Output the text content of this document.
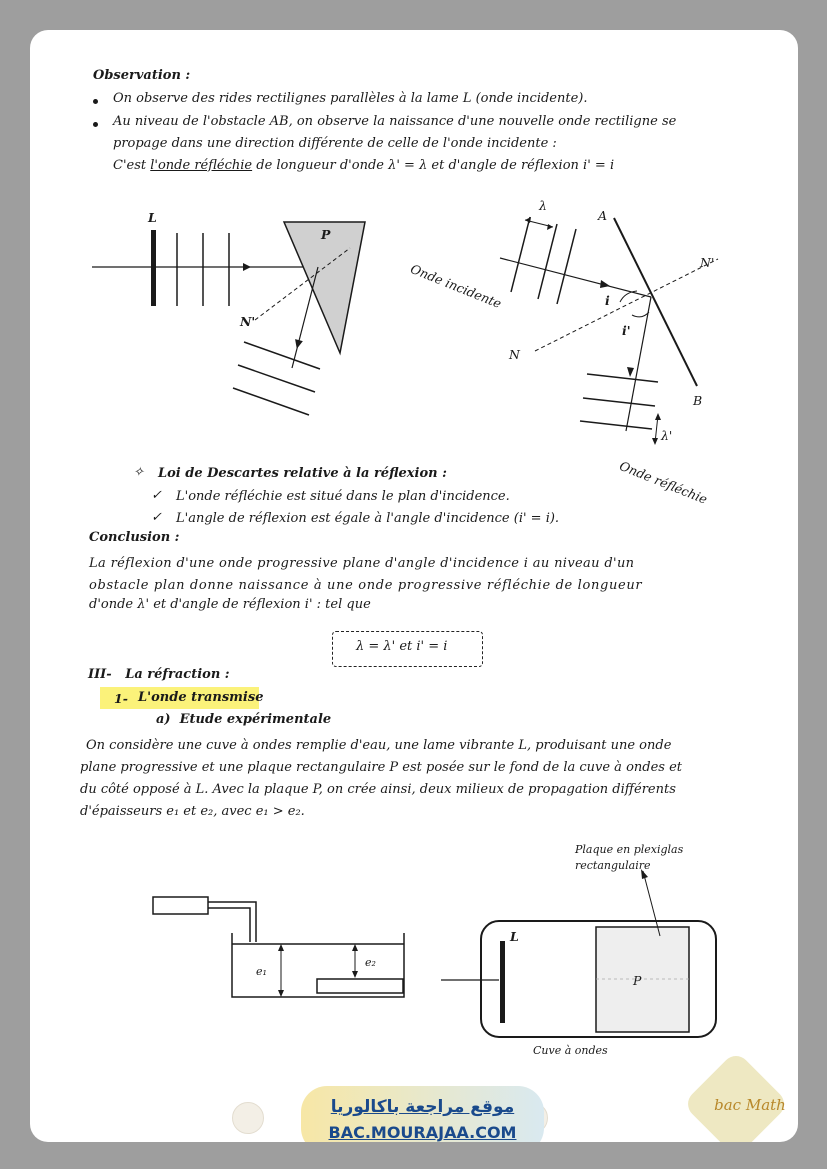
Observation :
On observe des rides rectilignes parallèles à la lame L (onde incidente).
Au niveau de l'obstacle AB, on observe la naissance d'une nouvelle onde rectiligne se
propage dans une direction différente de celle de l'onde incidente :
C'est l'onde réfléchie de longueur d'onde λ' = λ et d'angle de réflexion i' = i
L
P
N'
λ
A
B
N'
N
i
i'
λ'
Onde incidente
Onde réfléchie
✧ Loi de Descartes relative à la réflexion :
✓ L'onde réfléchie est situé dans le plan d'incidence.
✓ L'angle de réflexion est égale à l'angle d'incidence (i' = i).
Conclusion :
La réflexion d'une onde progressive plane d'angle d'incidence i au niveau d'un
obstacle plan donne naissance à une onde progressive réfléchie de longueur
d'onde λ' et d'angle de réflexion i' : tel que
λ = λ' et i' = i
III-   La réfraction :
1- L'onde transmise
a)  Etude expérimentale
On considère une cuve à ondes remplie d'eau, une lame vibrante L, produisant une onde
plane progressive et une plaque rectangulaire P est posée sur le fond de la cuve à ondes et
du côté opposé à L. Avec la plaque P, on crée ainsi, deux milieux de propagation différents
d'épaisseurs e₁ et e₂, avec e₁ > e₂.
e₁
e₂
L
P
Plaque en plexiglas
rectangulaire
Cuve à ondes
موقع مراجعة باكالوريا
BAC.MOURAJAA.COM
bac Math
